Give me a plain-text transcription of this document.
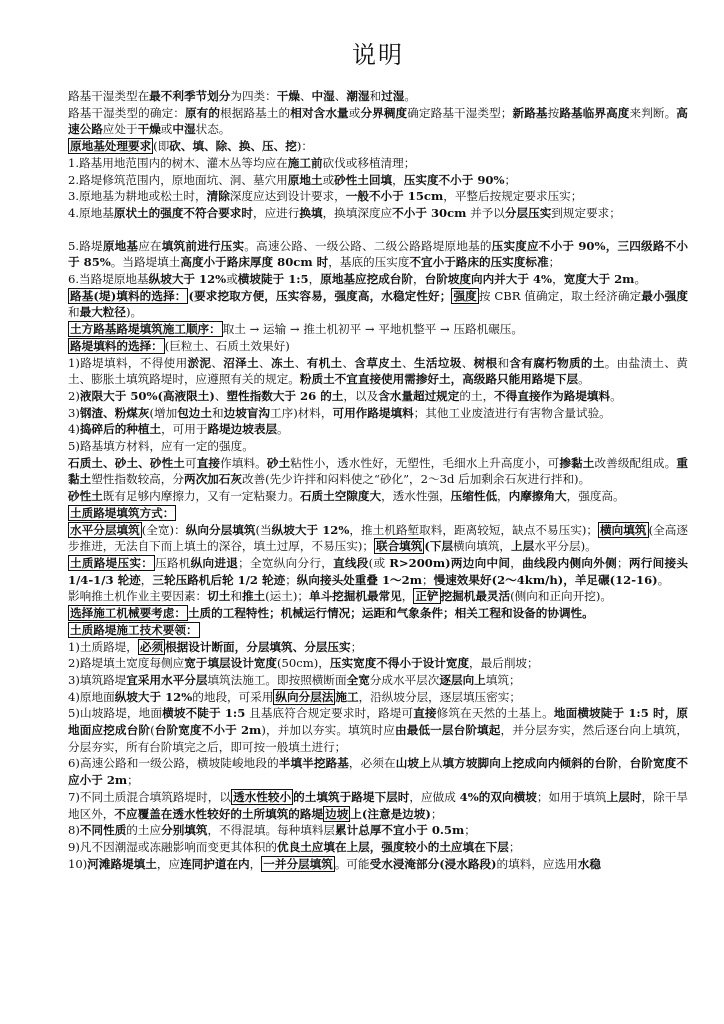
说明

路基干湿类型在最不利季节划分为四类：干燥、中湿、潮湿和过湿。

路基干湿类型的确定：原有的根据路基土的相对含水量或分界稠度确定路基干湿类型；新路基按路基临界高度来判断。高速公路应处于干燥或中湿状态。

原地基处理要求 (即砍、填、除、换、压、挖)：

1.路基用地范围内的树木、灌木丛等均应在施工前砍伐或移植清理；

2.路堤修筑范围内，原地面坑、洞、墓穴用原地土或砂性土回填，压实度不小于 90%；

3.原地基为耕地或松土时，清除深度应达到设计要求，一般不小于 15cm，平整后按规定要求压实；

4.原地基原状土的强度不符合要求时，应进行换填，换填深度应不小于 30cm 并予以分层压实到规定要求；

5.路堤原地基应在填筑前进行压实。高速公路、一级公路、二级公路路堤原地基的压实度应不小于 90%，三四级路不小于 85%。当路堤填土高度小于路床厚度 80cm 时，基底的压实度不宜小于路床的压实度标准；

6.当路堤原地基纵坡大于 12%或横坡陡于 1:5，原地基应挖成台阶，台阶坡度向内并大于 4%，宽度大于 2m。

路基(堤)填料的选择： (要求挖取方便，压实容易，强度高，水稳定性好； 强度 按 CBR 值确定，取土经济确定最小强度和最大粒径)。

土方路基路堤填筑施工顺序： 取土 → 运输 → 推土机初平 → 平地机整平 → 压路机碾压。

路堤填料的选择： (巨粒土、石质土效果好)

1)路堤填料，不得使用淤泥、沼泽土、冻土、有机土、含草皮土、生活垃圾、树根和含有腐朽物质的土。由盐渍土、黄土、膨胀土填筑路堤时，应遵照有关的规定。粉质土不宜直接使用需掺好土，高级路只能用路堤下层。

2)液限大于 50%(高液限土)、塑性指数大于 26 的土，以及含水量超过规定的土，不得直接作为路堤填料。

3)钢渣、粉煤灰(增加包边土和边坡盲沟工序)材料，可用作路堤填料；其他工业废渣进行有害物含量试验。

4)捣碎后的种植土，可用于路堤边坡表层。

5)路基填方材料，应有一定的强度。

石质土、砂土、砂性土可直接作填料。砂土粘性小，透水性好，无塑性，毛细水上升高度小，可掺黏土改善级配组成。重黏土塑性指数较高，分两次加石灰改善(先少许拌和闷料使之“砂化”，2～3d 后加剩余石灰进行拌和)。

砂性土既有足够内摩擦力，又有一定粘聚力。石质土空隙度大，透水性强，压缩性低，内摩擦角大，强度高。

土质路堤填筑方式：

水平分层填筑 (全宽)：纵向分层填筑(当纵坡大于 12%，推土机路堑取料，距离较短，缺点不易压实)； 横向填筑 (全高逐步推进，无法自下而上填土的深谷，填土过厚，不易压实)； 联合填筑 (下层横向填筑，上层水平分层)。

土质路堤压实： 压路机纵向进退；全宽纵向分行，直线段(或 R>200m)两边向中间，曲线段内侧向外侧；两行间接头 1/4-1/3 轮迹，三轮压路机后轮 1/2 轮迹；纵向接头处重叠 1～2m；慢速效果好(2～4km/h)，羊足碾(12-16)。

影响推土机作业主要因素：切土和推土(运土)；单斗挖掘机最常见， 正铲 挖掘机最灵活(侧向和正向开挖)。

选择施工机械要考虑： 土质的工程特性；机械运行情况；运距和气象条件；相关工程和设备的协调性。

土质路堤施工技术要领：

1)土质路堤， 必须 根据设计断面，分层填筑、分层压实；

2)路堤填土宽度每侧应宽于填层设计宽度(50cm)，压实宽度不得小于设计宽度，最后削坡；

3)填筑路堤宜采用水平分层填筑法施工。即按照横断面全宽分成水平层次逐层向上填筑；

4)原地面纵坡大于 12%的地段，可采用 纵向分层法 施工，沿纵坡分层，逐层填压密实；

5)山坡路堤，地面横坡不陡于 1:5 且基底符合规定要求时，路堤可直接修筑在天然的土基上。地面横坡陡于 1:5 时，原地面应挖成台阶(台阶宽度不小于 2m)，并加以夯实。填筑时应由最低一层台阶填起，并分层夯实，然后逐台向上填筑，分层夯实，所有台阶填完之后，即可按一般填土进行；

6)高速公路和一级公路，横坡陡峻地段的半填半挖路基，必须在山坡上从填方坡脚向上挖成向内倾斜的台阶，台阶宽度不应小于 2m；

7)不同土质混合填筑路堤时，以 透水性较小 的土填筑于路堤下层时，应做成 4%的双向横坡；如用于填筑上层时，除干旱地区外，不应覆盖在透水性较好的土所填筑的路堤 边坡 上(注意是边坡)；

8)不同性质的土应分别填筑，不得混填。每种填料层累计总厚不宜小于 0.5m；

9)凡不因潮湿或冻融影响而变更其体积的优良土应填在上层，强度较小的土应填在下层；

10)河滩路堤填土，应连同护道在内， 一并分层填筑 。可能受水浸淹部分(浸水路段)的填料，应选用水稳
